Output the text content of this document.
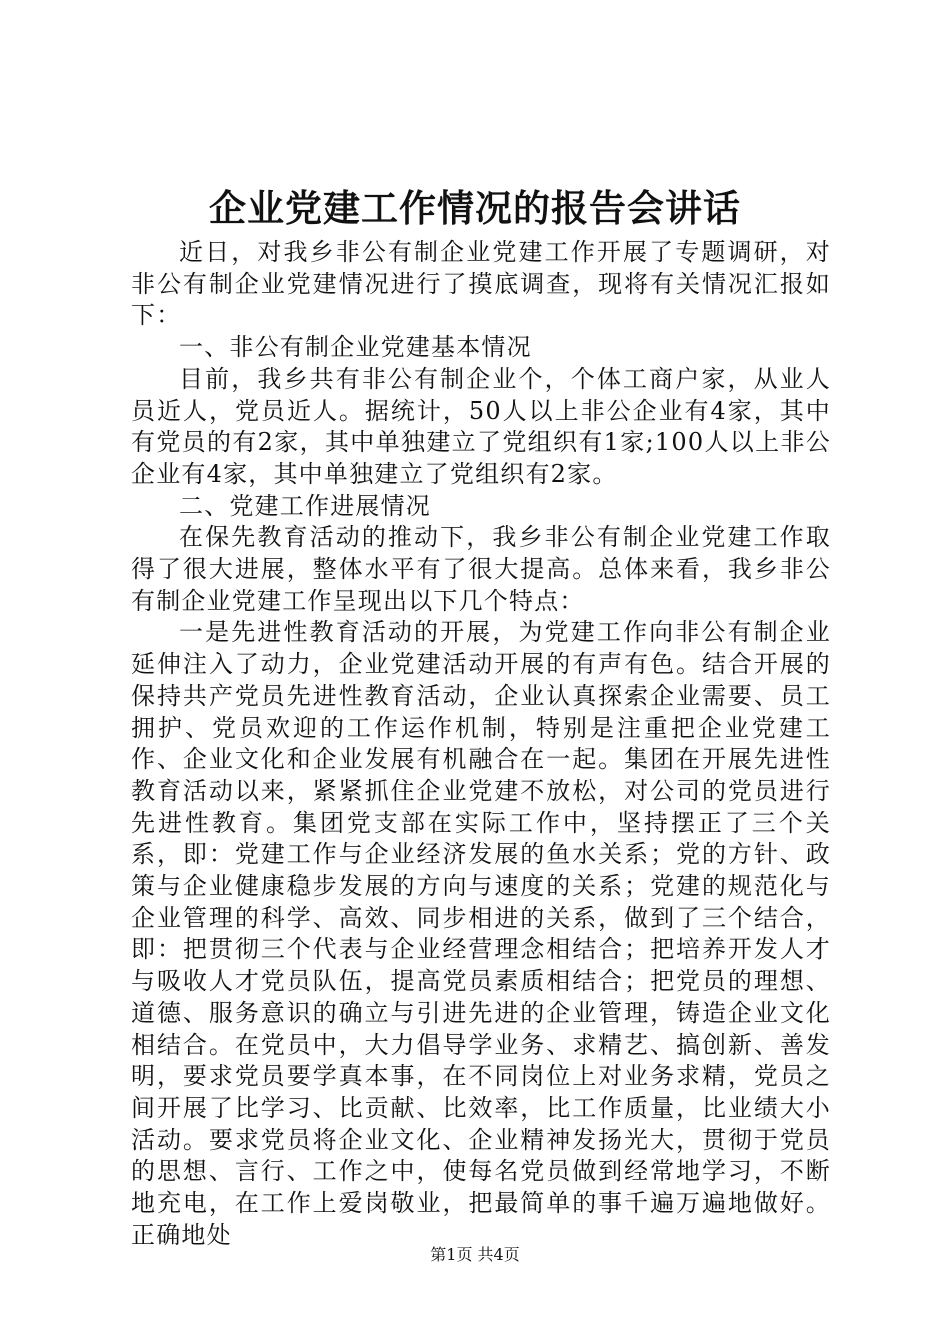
企业党建工作情况的报告会讲话

近日，对我乡非公有制企业党建工作开展了专题调研，对非公有制企业党建情况进行了摸底调查，现将有关情况汇报如下：

一、非公有制企业党建基本情况

目前，我乡共有非公有制企业个，个体工商户家，从业人员近人，党员近人。据统计，50人以上非公企业有4家，其中有党员的有2家，其中单独建立了党组织有1家;100人以上非公企业有4家，其中单独建立了党组织有2家。

二、党建工作进展情况

在保先教育活动的推动下，我乡非公有制企业党建工作取得了很大进展，整体水平有了很大提高。总体来看，我乡非公有制企业党建工作呈现出以下几个特点：

一是先进性教育活动的开展，为党建工作向非公有制企业延伸注入了动力，企业党建活动开展的有声有色。结合开展的保持共产党员先进性教育活动，企业认真探索企业需要、员工拥护、党员欢迎的工作运作机制，特别是注重把企业党建工作、企业文化和企业发展有机融合在一起。集团在开展先进性教育活动以来，紧紧抓住企业党建不放松，对公司的党员进行先进性教育。集团党支部在实际工作中，坚持摆正了三个关系，即：党建工作与企业经济发展的鱼水关系；党的方针、政策与企业健康稳步发展的方向与速度的关系；党建的规范化与企业管理的科学、高效、同步相进的关系，做到了三个结合，即：把贯彻三个代表与企业经营理念相结合；把培养开发人才与吸收人才党员队伍，提高党员素质相结合；把党员的理想、道德、服务意识的确立与引进先进的企业管理，铸造企业文化相结合。在党员中，大力倡导学业务、求精艺、搞创新、善发明，要求党员要学真本事，在不同岗位上对业务求精，党员之间开展了比学习、比贡献、比效率，比工作质量，比业绩大小活动。要求党员将企业文化、企业精神发扬光大，贯彻于党员的思想、言行、工作之中，使每名党员做到经常地学习，不断地充电，在工作上爱岗敬业，把最简单的事千遍万遍地做好。正确地处

第1页 共4页
